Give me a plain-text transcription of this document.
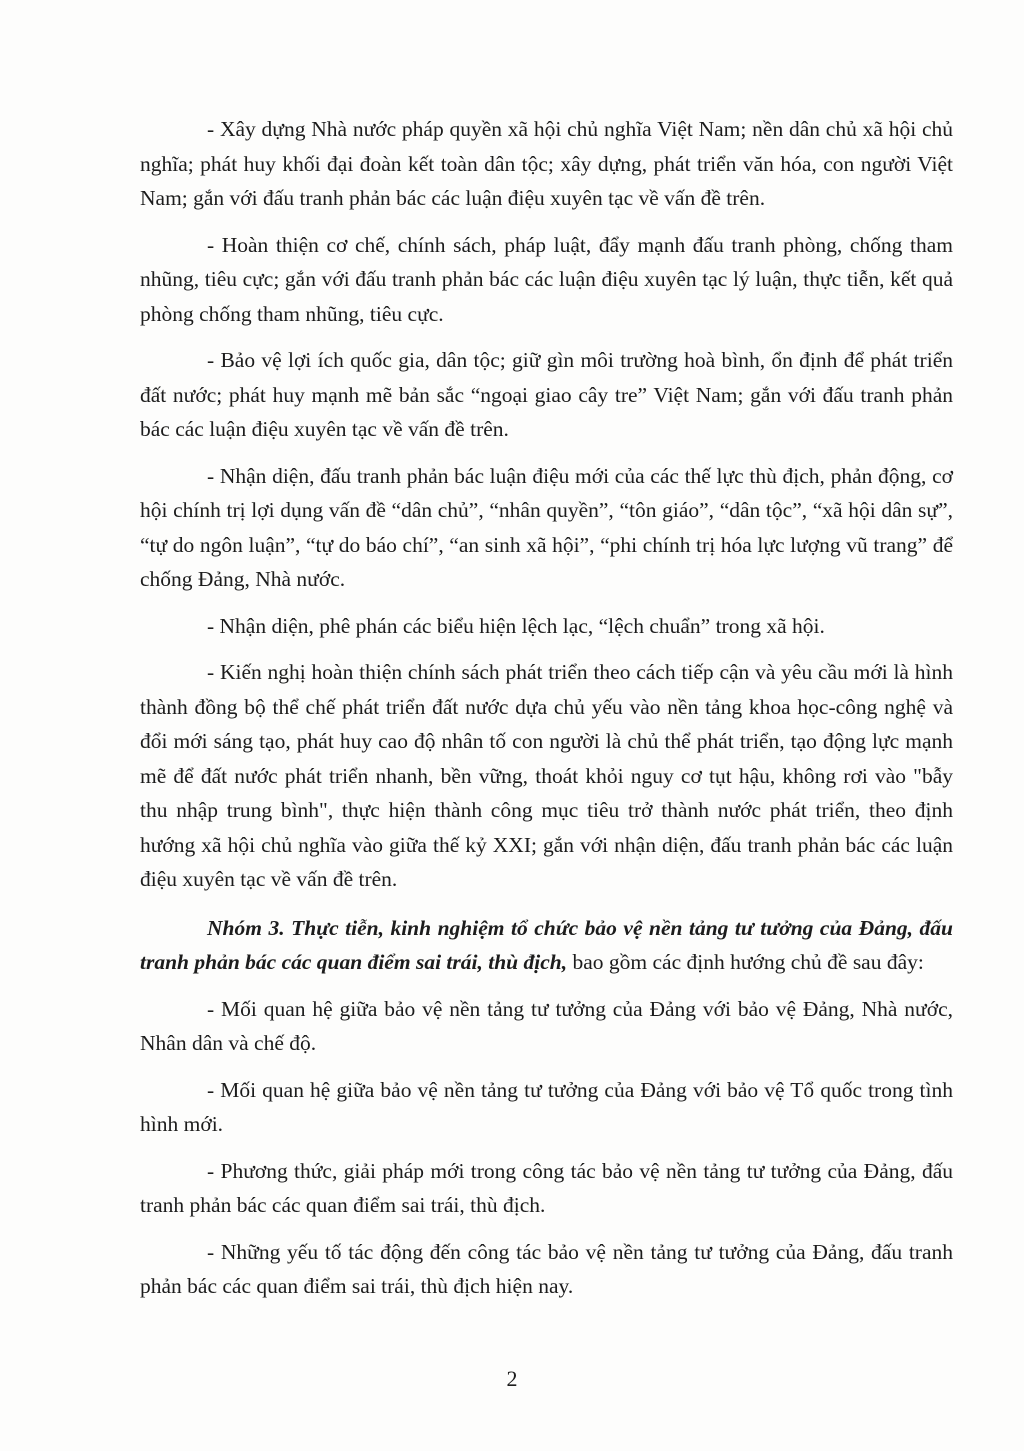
- Xây dựng Nhà nước pháp quyền xã hội chủ nghĩa Việt Nam; nền dân chủ xã hội chủ nghĩa; phát huy khối đại đoàn kết toàn dân tộc; xây dựng, phát triển văn hóa, con người Việt Nam; gắn với đấu tranh phản bác các luận điệu xuyên tạc về vấn đề trên.

- Hoàn thiện cơ chế, chính sách, pháp luật, đẩy mạnh đấu tranh phòng, chống tham nhũng, tiêu cực; gắn với đấu tranh phản bác các luận điệu xuyên tạc lý luận, thực tiễn, kết quả phòng chống tham nhũng, tiêu cực.

- Bảo vệ lợi ích quốc gia, dân tộc; giữ gìn môi trường hoà bình, ổn định để phát triển đất nước; phát huy mạnh mẽ bản sắc “ngoại giao cây tre” Việt Nam; gắn với đấu tranh phản bác các luận điệu xuyên tạc về vấn đề trên.

- Nhận diện, đấu tranh phản bác luận điệu mới của các thế lực thù địch, phản động, cơ hội chính trị lợi dụng vấn đề “dân chủ”, “nhân quyền”, “tôn giáo”, “dân tộc”, “xã hội dân sự”, “tự do ngôn luận”, “tự do báo chí”, “an sinh xã hội”, “phi chính trị hóa lực lượng vũ trang” để chống Đảng, Nhà nước.

- Nhận diện, phê phán các biểu hiện lệch lạc, “lệch chuẩn” trong xã hội.

- Kiến nghị hoàn thiện chính sách phát triển theo cách tiếp cận và yêu cầu mới là hình thành đồng bộ thể chế phát triển đất nước dựa chủ yếu vào nền tảng khoa học-công nghệ và đổi mới sáng tạo, phát huy cao độ nhân tố con người là chủ thể phát triển, tạo động lực mạnh mẽ để đất nước phát triển nhanh, bền vững, thoát khỏi nguy cơ tụt hậu, không rơi vào "bẫy thu nhập trung bình", thực hiện thành công mục tiêu trở thành nước phát triển, theo định hướng xã hội chủ nghĩa vào giữa thế kỷ XXI; gắn với nhận diện, đấu tranh phản bác các luận điệu xuyên tạc về vấn đề trên.

Nhóm 3. Thực tiễn, kinh nghiệm tổ chức bảo vệ nền tảng tư tưởng của Đảng, đấu tranh phản bác các quan điểm sai trái, thù địch, bao gồm các định hướng chủ đề sau đây:

- Mối quan hệ giữa bảo vệ nền tảng tư tưởng của Đảng với bảo vệ Đảng, Nhà nước, Nhân dân và chế độ.

- Mối quan hệ giữa bảo vệ nền tảng tư tưởng của Đảng với bảo vệ Tổ quốc trong tình hình mới.

- Phương thức, giải pháp mới trong công tác bảo vệ nền tảng tư tưởng của Đảng, đấu tranh phản bác các quan điểm sai trái, thù địch.

- Những yếu tố tác động đến công tác bảo vệ nền tảng tư tưởng của Đảng, đấu tranh phản bác các quan điểm sai trái, thù địch hiện nay.

2
